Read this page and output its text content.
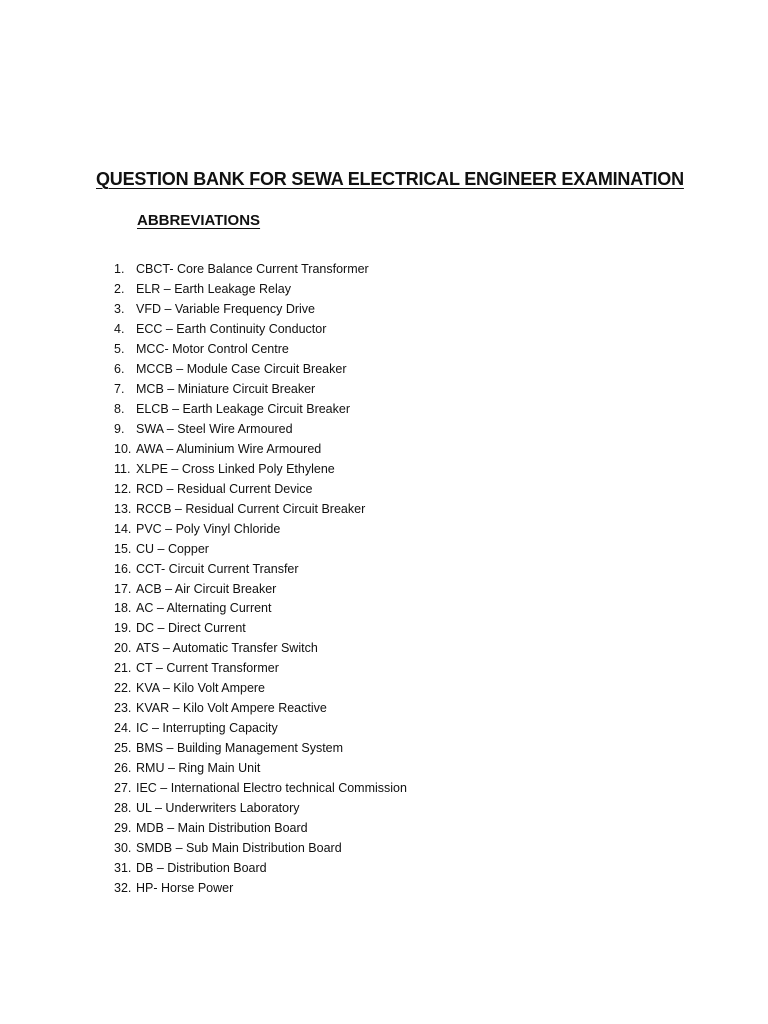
QUESTION BANK FOR SEWA ELECTRICAL ENGINEER EXAMINATION
ABBREVIATIONS
1. CBCT- Core Balance Current Transformer
2. ELR – Earth Leakage Relay
3. VFD – Variable Frequency Drive
4. ECC – Earth Continuity Conductor
5. MCC- Motor Control Centre
6. MCCB – Module Case Circuit Breaker
7. MCB – Miniature Circuit Breaker
8. ELCB – Earth Leakage Circuit Breaker
9. SWA – Steel Wire Armoured
10. AWA – Aluminium Wire Armoured
11. XLPE – Cross Linked Poly Ethylene
12. RCD – Residual Current Device
13. RCCB – Residual Current Circuit Breaker
14. PVC – Poly Vinyl Chloride
15. CU – Copper
16. CCT- Circuit Current Transfer
17. ACB – Air Circuit Breaker
18. AC – Alternating Current
19. DC – Direct Current
20. ATS – Automatic Transfer Switch
21. CT – Current Transformer
22. KVA – Kilo Volt Ampere
23. KVAR – Kilo Volt Ampere Reactive
24. IC – Interrupting Capacity
25. BMS – Building Management System
26. RMU – Ring Main Unit
27. IEC – International Electro technical Commission
28. UL – Underwriters Laboratory
29. MDB – Main Distribution Board
30. SMDB – Sub Main Distribution Board
31. DB – Distribution Board
32. HP- Horse Power
